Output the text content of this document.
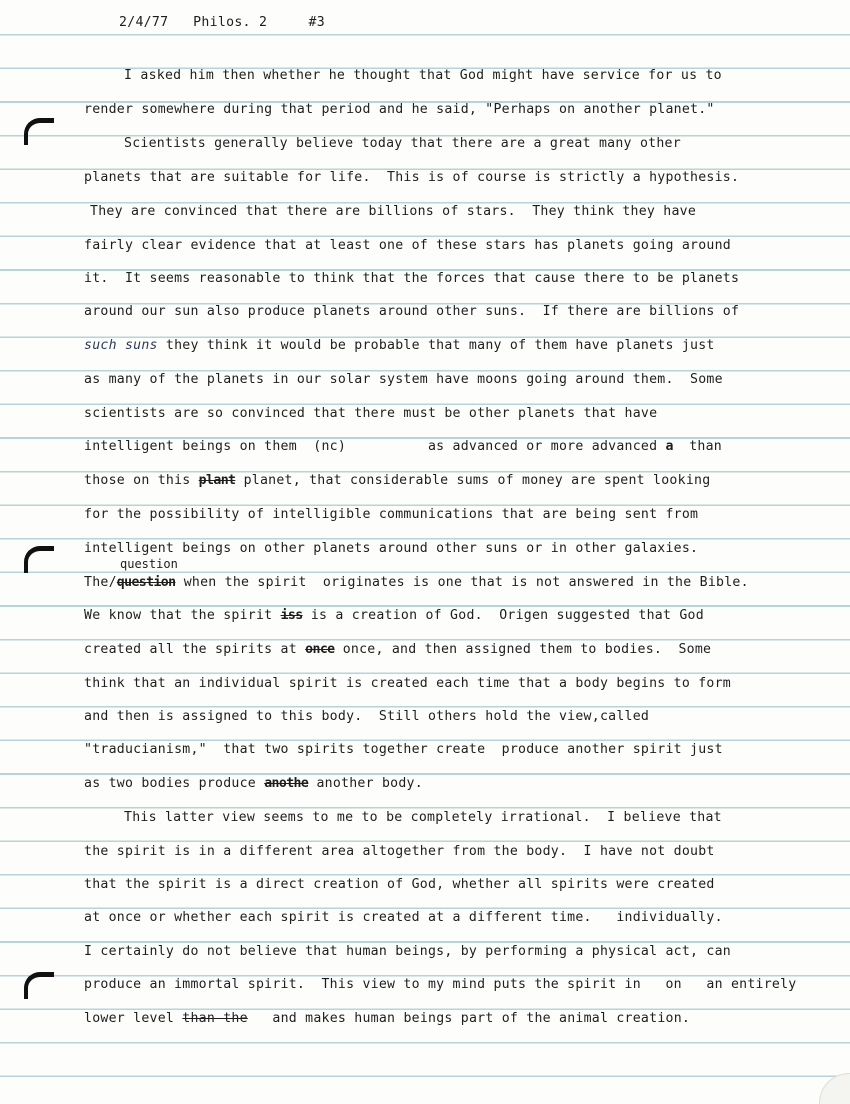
2/4/77 Philos. 2	#3

I asked him then whether he thought that God might have service for us to
render somewhere during that period and he said, "Perhaps on another planet."
Scientists generally believe today that there are a great many other
planets that are suitable for life.  This is of course is strictly a hypothesis.
They are convinced that there are billions of stars.  They think they have
fairly clear evidence that at least one of these stars has planets going around
it.  It seems reasonable to think that the forces that cause there to be planets
around our sun also produce planets around other suns.  If there are billions of
such suns they think it would be probable that many of them have planets just
as many of the planets in our solar system have moons going around them.  Some
scientists are so convinced that there must be other planets that have
intelligent beings on them  (nc)          as advanced or more advanced a than
those on this plant planet, that considerable sums of money are spent looking
for the possibility of intelligible communications that are being sent from
intelligent beings on other planets around other suns or in other galaxies.
question
The/question when the spirit  originates is one that is not answered in the Bible.
We know that the spirit iss is a creation of God.  Origen suggested that God
created all the spirits at once once, and then assigned them to bodies.  Some
think that an individual spirit is created each time that a body begins to form
and then is assigned to this body.  Still others hold the view,called
"traducianism,"  that two spirits together create  produce another spirit just
as two bodies produce anothe another body.
This latter view seems to me to be completely irrational.  I believe that
the spirit is in a different area altogether from the body.  I have not doubt
that the spirit is a direct creation of God, whether all spirits were created
at once or whether each spirit is created at a different time.   individually.
I certainly do not believe that human beings, by performing a physical act, can
produce an immortal spirit.  This view to my mind puts the spirit in   on   an entirely
lower level than the and makes human beings part of the animal creation.
